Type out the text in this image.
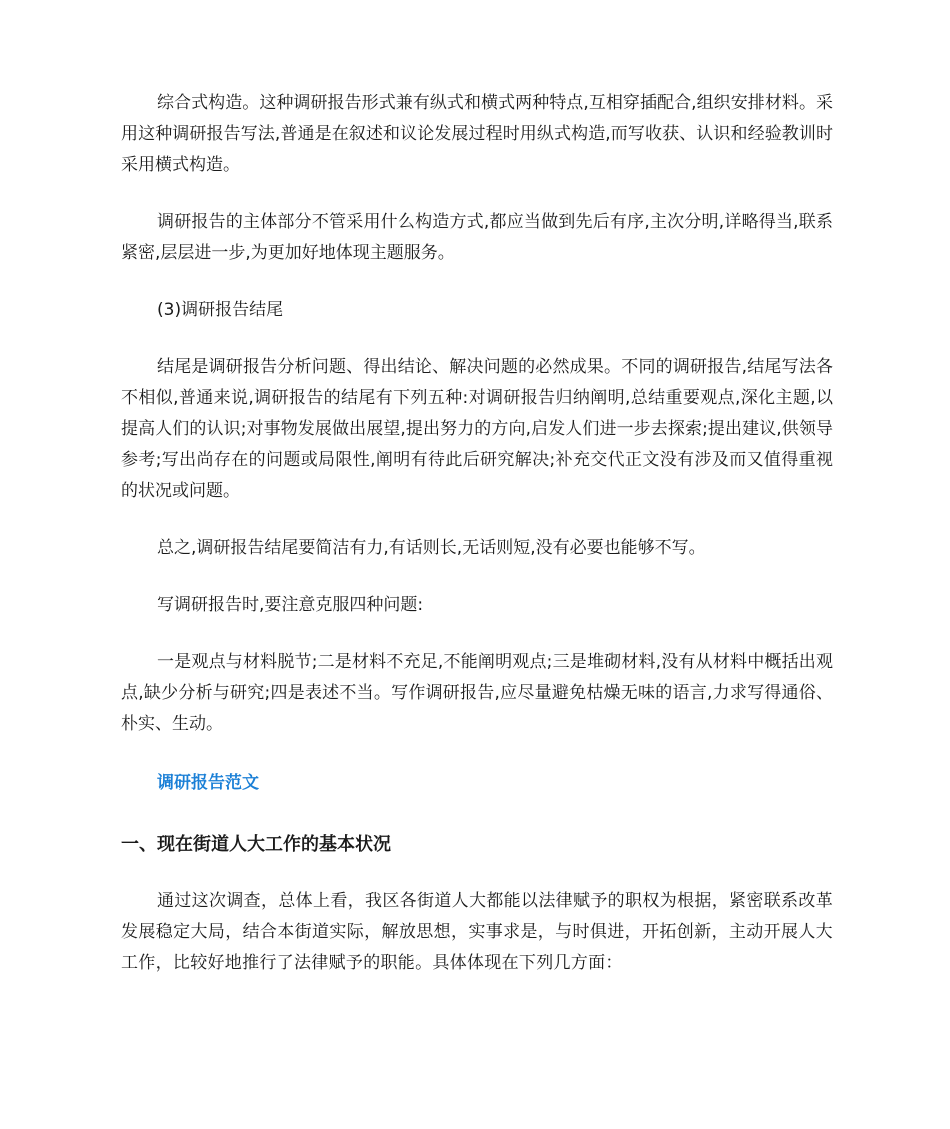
综合式构造。这种调研报告形式兼有纵式和横式两种特点,互相穿插配合,组织安排材料。采用这种调研报告写法,普通是在叙述和议论发展过程时用纵式构造,而写收获、认识和经验教训时采用横式构造。

调研报告的主体部分不管采用什么构造方式,都应当做到先后有序,主次分明,详略得当,联系紧密,层层进一步,为更加好地体现主题服务。

(3)调研报告结尾

结尾是调研报告分析问题、得出结论、解决问题的必然成果。不同的调研报告,结尾写法各不相似,普通来说,调研报告的结尾有下列五种:对调研报告归纳阐明,总结重要观点,深化主题,以提高人们的认识;对事物发展做出展望,提出努力的方向,启发人们进一步去探索;提出建议,供领导参考;写出尚存在的问题或局限性,阐明有待此后研究解决;补充交代正文没有涉及而又值得重视的状况或问题。

总之,调研报告结尾要简洁有力,有话则长,无话则短,没有必要也能够不写。

写调研报告时,要注意克服四种问题:

一是观点与材料脱节;二是材料不充足,不能阐明观点;三是堆砌材料,没有从材料中概括出观点,缺少分析与研究;四是表述不当。写作调研报告,应尽量避免枯燥无味的语言,力求写得通俗、朴实、生动。

调研报告范文
一、现在街道人大工作的基本状况

通过这次调查，总体上看，我区各街道人大都能以法律赋予的职权为根据，紧密联系改革发展稳定大局，结合本街道实际，解放思想，实事求是，与时俱进，开拓创新，主动开展人大工作，比较好地推行了法律赋予的职能。具体体现在下列几方面：
